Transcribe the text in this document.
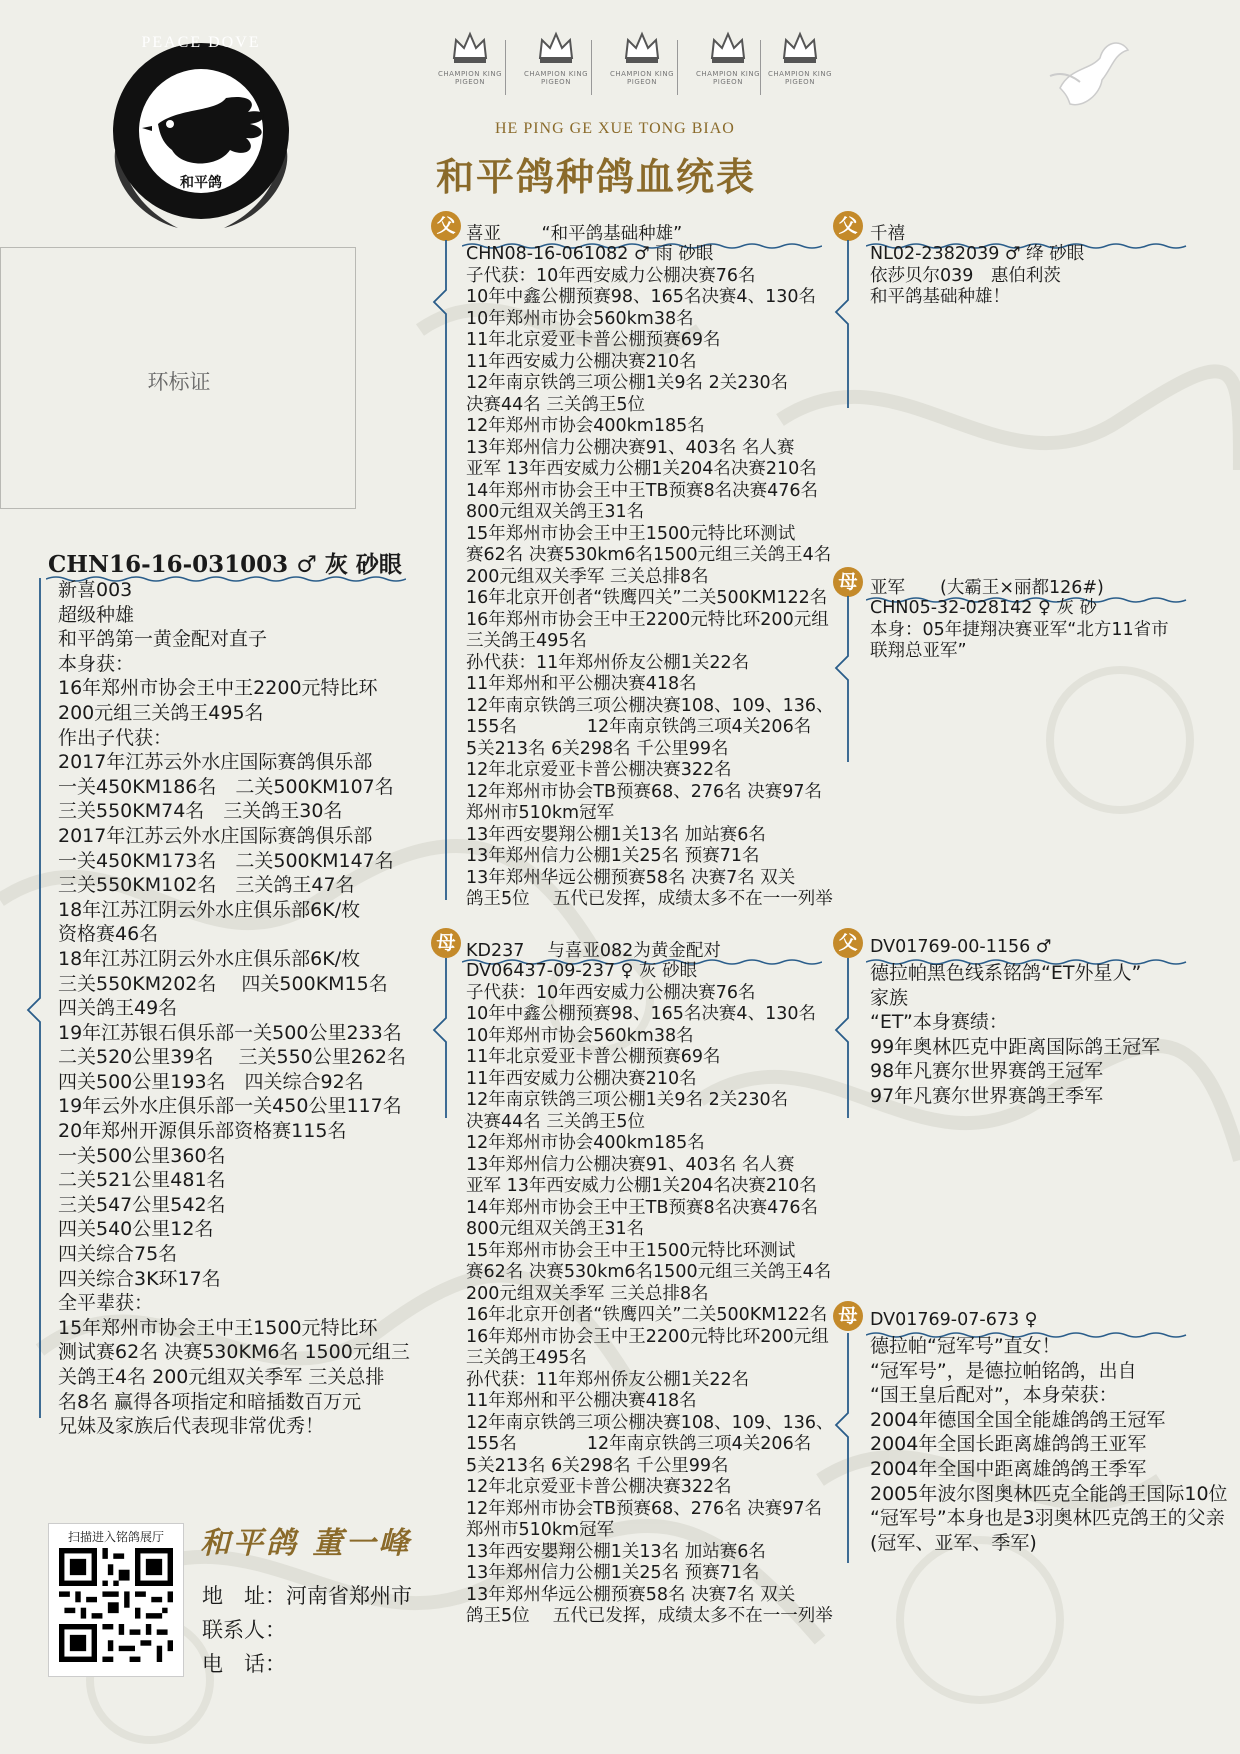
PEACE DOVE
和平鸽
CHAMPION KING PIGEON
CHAMPION KING PIGEON
CHAMPION KING PIGEON
CHAMPION KING PIGEON
CHAMPION KING PIGEON
HE PING GE XUE TONG BIAO
和平鸽种鸽血统表
环标证
CHN16-16-031003 ♂ 灰 砂眼
新喜003
超级种雄
和平鸽第一黄金配对直子
本身获：
16年郑州市协会王中王2200元特比环
200元组三关鸽王495名
作出子代获：
2017年江苏云外水庄国际赛鸽俱乐部
一关450KM186名　二关500KM107名
三关550KM74名　三关鸽王30名
2017年江苏云外水庄国际赛鸽俱乐部
一关450KM173名　二关500KM147名
三关550KM102名　三关鸽王47名
18年江苏江阴云外水庄俱乐部6K/枚
资格赛46名
18年江苏江阴云外水庄俱乐部6K/枚
三关550KM202名　 四关500KM15名
四关鸽王49名
19年江苏银石俱乐部一关500公里233名
二关520公里39名　 三关550公里262名
四关500公里193名　四关综合92名
19年云外水庄俱乐部一关450公里117名
20年郑州开源俱乐部资格赛115名
一关500公里360名
二关521公里481名
三关547公里542名
四关540公里12名
四关综合75名
四关综合3K环17名
全平辈获：
15年郑州市协会王中王1500元特比环
测试赛62名 决赛530KM6名 1500元组三
关鸽王4名 200元组双关季军 三关总排
名8名 赢得各项指定和暗插数百万元
兄妹及家族后代表现非常优秀！
父 喜亚　　 “和平鸽基础种雄”
CHN08-16-061082 ♂ 雨 砂眼
子代获：10年西安威力公棚决赛76名
10年中鑫公棚预赛98、165名决赛4、130名
10年郑州市协会560km38名
11年北京爱亚卡普公棚预赛69名
11年西安威力公棚决赛210名
12年南京铁鸽三项公棚1关9名 2关230名
决赛44名 三关鸽王5位
12年郑州市协会400km185名
13年郑州信力公棚决赛91、403名 名人赛
亚军 13年西安威力公棚1关204名决赛210名
14年郑州市协会王中王TB预赛8名决赛476名
800元组双关鸽王31名
15年郑州市协会王中王1500元特比环测试
赛62名 决赛530km6名1500元组三关鸽王4名
200元组双关季军 三关总排8名
16年北京开创者“铁鹰四关”二关500KM122名
16年郑州市协会王中王2200元特比环200元组
三关鸽王495名
孙代获：11年郑州侨友公棚1关22名
11年郑州和平公棚决赛418名
12年南京铁鸽三项公棚决赛108、109、136、
155名　　　　12年南京铁鸽三项4关206名
5关213名 6关298名 千公里99名
12年北京爱亚卡普公棚决赛322名
12年郑州市协会TB预赛68、276名 决赛97名
郑州市510km冠军
13年西安嬰翔公棚1关13名 加站赛6名
13年郑州信力公棚1关25名 预赛71名
13年郑州华远公棚预赛58名 决赛7名 双关
鸽王5位　 五代已发挥，成绩太多不在一一列举
母 KD237　 与喜亚082为黄金配对
DV06437-09-237 ♀ 灰 砂眼
子代获：10年西安威力公棚决赛76名
10年中鑫公棚预赛98、165名决赛4、130名
10年郑州市协会560km38名
11年北京爱亚卡普公棚预赛69名
11年西安威力公棚决赛210名
12年南京铁鸽三项公棚1关9名 2关230名
决赛44名 三关鸽王5位
12年郑州市协会400km185名
13年郑州信力公棚决赛91、403名 名人赛
亚军 13年西安威力公棚1关204名决赛210名
14年郑州市协会王中王TB预赛8名决赛476名
800元组双关鸽王31名
15年郑州市协会王中王1500元特比环测试
赛62名 决赛530km6名1500元组三关鸽王4名
200元组双关季军 三关总排8名
16年北京开创者“铁鹰四关”二关500KM122名
16年郑州市协会王中王2200元特比环200元组
三关鸽王495名
孙代获：11年郑州侨友公棚1关22名
11年郑州和平公棚决赛418名
12年南京铁鸽三项公棚决赛108、109、136、
155名　　　　12年南京铁鸽三项4关206名
5关213名 6关298名 千公里99名
12年北京爱亚卡普公棚决赛322名
12年郑州市协会TB预赛68、276名 决赛97名
郑州市510km冠军
13年西安嬰翔公棚1关13名 加站赛6名
13年郑州信力公棚1关25名 预赛71名
13年郑州华远公棚预赛58名 决赛7名 双关
鸽王5位　 五代已发挥，成绩太多不在一一列举
父 千禧
NL02-2382039 ♂ 绛 砂眼
依莎贝尔039　惠伯利茨
和平鸽基础种雄！
母 亚军　　(大霸王×丽都126#)
CHN05-32-028142 ♀ 灰 砂
本身：05年捷翔决赛亚军“北方11省市
联翔总亚军”
父 DV01769-00-1156 ♂
德拉帕黑色线系铭鸽“ET外星人”
家族
“ET”本身赛绩：
99年奥林匹克中距离国际鸽王冠军
98年凡赛尔世界赛鸽王冠军
97年凡赛尔世界赛鸽王季军
母 DV01769-07-673 ♀
德拉帕“冠军号”直女！
“冠军号”，是德拉帕铭鸽，出自
“国王皇后配对”，本身荣获：
2004年德国全国全能雄鸽鸽王冠军
2004年全国长距离雄鸽鸽王亚军
2004年全国中距离雄鸽鸽王季军
2005年波尔图奥林匹克全能鸽王国际10位
“冠军号”本身也是3羽奥林匹克鸽王的父亲
(冠军、亚军、季军)
扫描进入铭鸽展厅	和平鸽 董一峰
地　址：河南省郑州市
联系人：
电　话：
